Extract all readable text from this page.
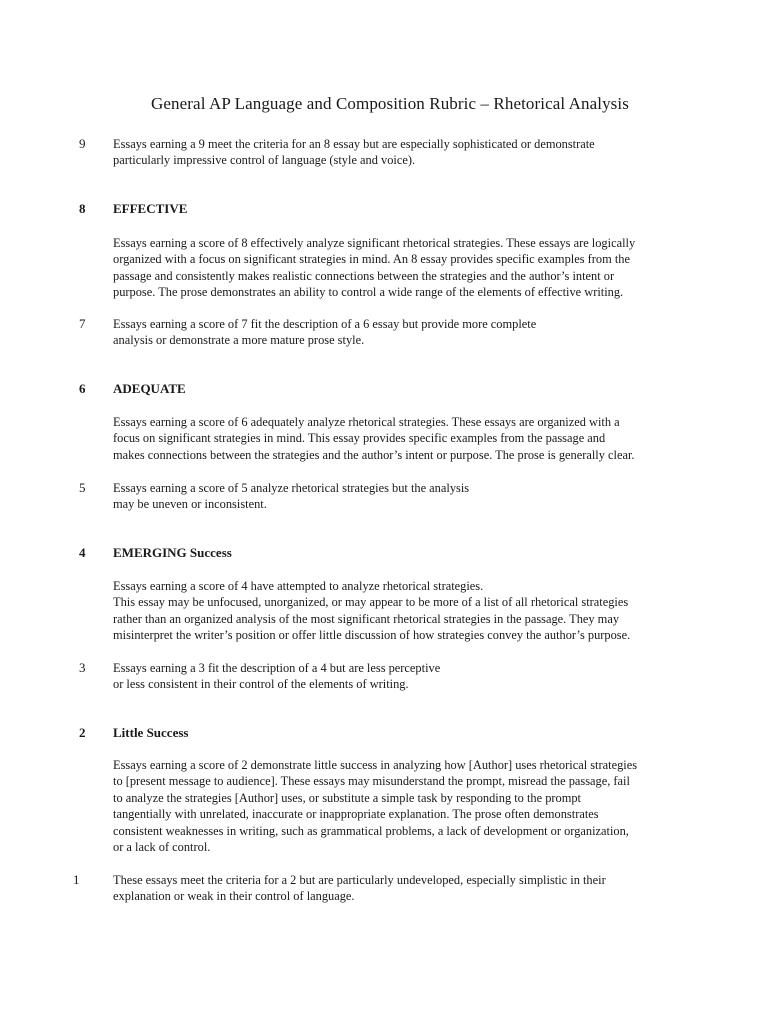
General AP Language and Composition Rubric – Rhetorical Analysis
9	Essays earning a 9 meet the criteria for an 8 essay but are especially sophisticated or demonstrate
particularly impressive control of language (style and voice).
8	EFFECTIVE
Essays earning a score of 8 effectively analyze significant rhetorical strategies. These essays are logically
organized with a focus on significant strategies in mind. An 8 essay provides specific examples from the
passage and consistently makes realistic connections between the strategies and the author’s intent or
purpose. The prose demonstrates an ability to control a wide range of the elements of effective writing.
7	Essays earning a score of 7 fit the description of a 6 essay but provide more complete
analysis or demonstrate a more mature prose style.
6	ADEQUATE
Essays earning a score of 6 adequately analyze rhetorical strategies. These essays are organized with a
focus on significant strategies in mind. This essay provides specific examples from the passage and
makes connections between the strategies and the author’s intent or purpose. The prose is generally clear.
5	Essays earning a score of 5 analyze rhetorical strategies but the analysis
may be uneven or inconsistent.
4	EMERGING Success
Essays earning a score of 4 have attempted to analyze rhetorical strategies.
This essay may be unfocused, unorganized, or may appear to be more of a list of all rhetorical strategies
rather than an organized analysis of the most significant rhetorical strategies in the passage. They may
misinterpret the writer’s position or offer little discussion of how strategies convey the author’s purpose.
3	Essays earning a 3 fit the description of a 4 but are less perceptive
or less consistent in their control of the elements of writing.
2	Little Success
Essays earning a score of 2 demonstrate little success in analyzing how [Author] uses rhetorical strategies
to [present message to audience]. These essays may misunderstand the prompt, misread the passage, fail
to analyze the strategies [Author] uses, or substitute a simple task by responding to the prompt
tangentially with unrelated, inaccurate or inappropriate explanation. The prose often demonstrates
consistent weaknesses in writing, such as grammatical problems, a lack of development or organization,
or a lack of control.
1	These essays meet the criteria for a 2 but are particularly undeveloped, especially simplistic in their
explanation or weak in their control of language.
